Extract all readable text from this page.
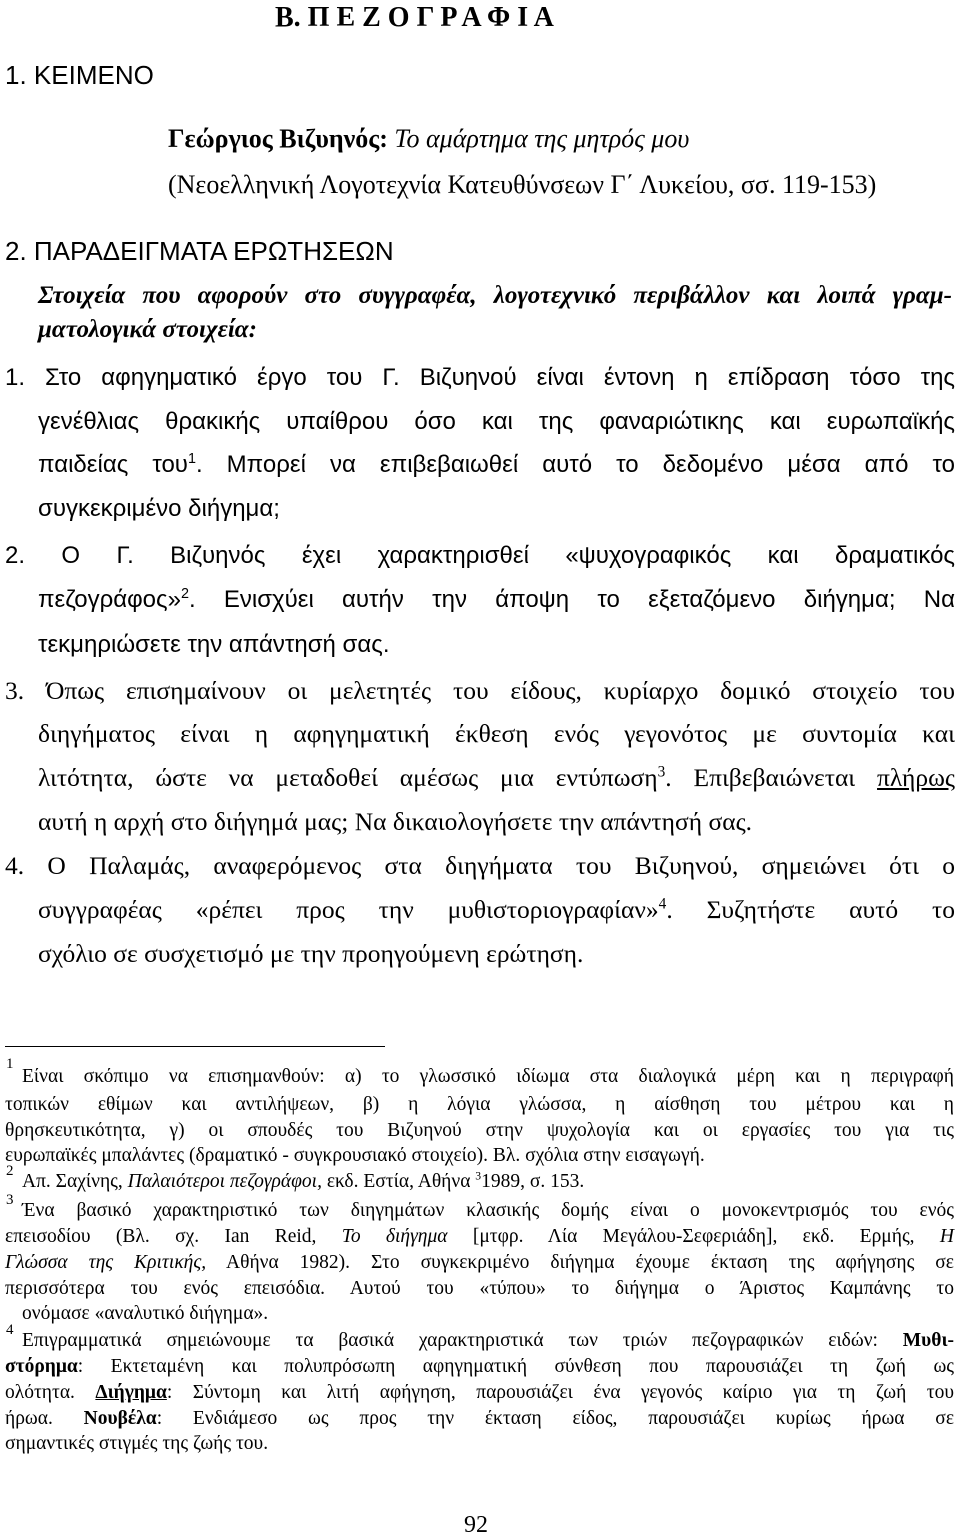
Β. Π Ε Ζ Ο Γ Ρ Α Φ Ι Α
1. ΚΕΙΜΕΝΟ
Γεώργιος Βιζυηνός: Το αμάρτημα της μητρός μου
(Νεοελληνική Λογοτεχνία Κατευθύνσεων Γ΄ Λυκείου, σσ. 119-153)
2. ΠΑΡΑΔΕΙΓΜΑΤΑ ΕΡΩΤΗΣΕΩΝ
Στοιχεία που αφορούν στο συγγραφέα, λογοτεχνικό περιβάλλον και λοιπά γραμ-
ματολογικά στοιχεία:
1. Στο αφηγηματικό έργο του Γ. Βιζυηνού είναι έντονη η επίδραση τόσο της
γενέθλιας θρακικής υπαίθρου όσο και της φαναριώτικης και ευρωπαϊκής
παιδείας του$^1$. Μπορεί να επιβεβαιωθεί αυτό το δεδομένο μέσα από το
συγκεκριμένο διήγημα;
2. Ο Γ. Βιζυηνός έχει χαρακτηρισθεί «ψυχογραφικός και δραματικός
πεζογράφος»$^2$. Ενισχύει αυτήν την άποψη το εξεταζόμενο διήγημα; Να
τεκμηριώσετε την απάντησή σας.
3. Όπως επισημαίνουν οι μελετητές του είδους, κυρίαρχο δομικό στοιχείο του
διηγήματος είναι η αφηγηματική έκθεση ενός γεγονότος με συντομία και
λιτότητα, ώστε να μεταδοθεί αμέσως μια εντύπωση$^3$. Επιβεβαιώνεται πλήρως
αυτή η αρχή στο διήγημά μας; Να δικαιολογήσετε την απάντησή σας.
4. Ο Παλαμάς, αναφερόμενος στα διηγήματα του Βιζυηνού, σημειώνει ότι ο
συγγραφέας «ρέπει προς την μυθιστοριογραφίαν»$^4$. Συζητήστε αυτό το
σχόλιο σε συσχετισμό με την προηγούμενη ερώτηση.
1
Είναι σκόπιμο να επισημανθούν: α) το γλωσσικό ιδίωμα στα διαλογικά μέρη και η περιγραφή
τοπικών εθίμων και αντιλήψεων, β) η λόγια γλώσσα, η αίσθηση του μέτρου και η
θρησκευτικότητα, γ) οι σπουδές του Βιζυηνού στην ψυχολογία και οι εργασίες του για τις
ευρωπαϊκές μπαλάντες (δραματικό - συγκρουσιακό στοιχείο). Βλ. σχόλια στην εισαγωγή.
2 Απ. Σαχίνης, Παλαιότεροι πεζογράφοι, εκδ. Εστία, Αθήνα $^3$1989, σ. 153.
3 Ένα βασικό χαρακτηριστικό των διηγημάτων κλασικής δομής είναι ο μονοκεντρισμός του ενός
επεισοδίου (Βλ. σχ. Ian Reid, Το διήγημα [μτφρ. Λία Μεγάλου-Σεφεριάδη], εκδ. Ερμής, Η
Γλώσσα της Κριτικής, Αθήνα 1982). Στο συγκεκριμένο διήγημα έχουμε έκταση της αφήγησης σε
περισσότερα του ενός επεισόδια. Αυτού του «τύπου» το διήγημα ο Άριστος Καμπάνης το
ονόμασε «αναλυτικό διήγημα».
4 Επιγραμματικά σημειώνουμε τα βασικά χαρακτηριστικά των τριών πεζογραφικών ειδών: Μυθι-
στόρημα: Εκτεταμένη και πολυπρόσωπη αφηγηματική σύνθεση που παρουσιάζει τη ζωή ως
ολότητα. Διήγημα: Σύντομη και λιτή αφήγηση, παρουσιάζει ένα γεγονός καίριο για τη ζωή του
ήρωα. Νουβέλα: Ενδιάμεσο ως προς την έκταση είδος, παρουσιάζει κυρίως ήρωα σε
σημαντικές στιγμές της ζωής του.
92
